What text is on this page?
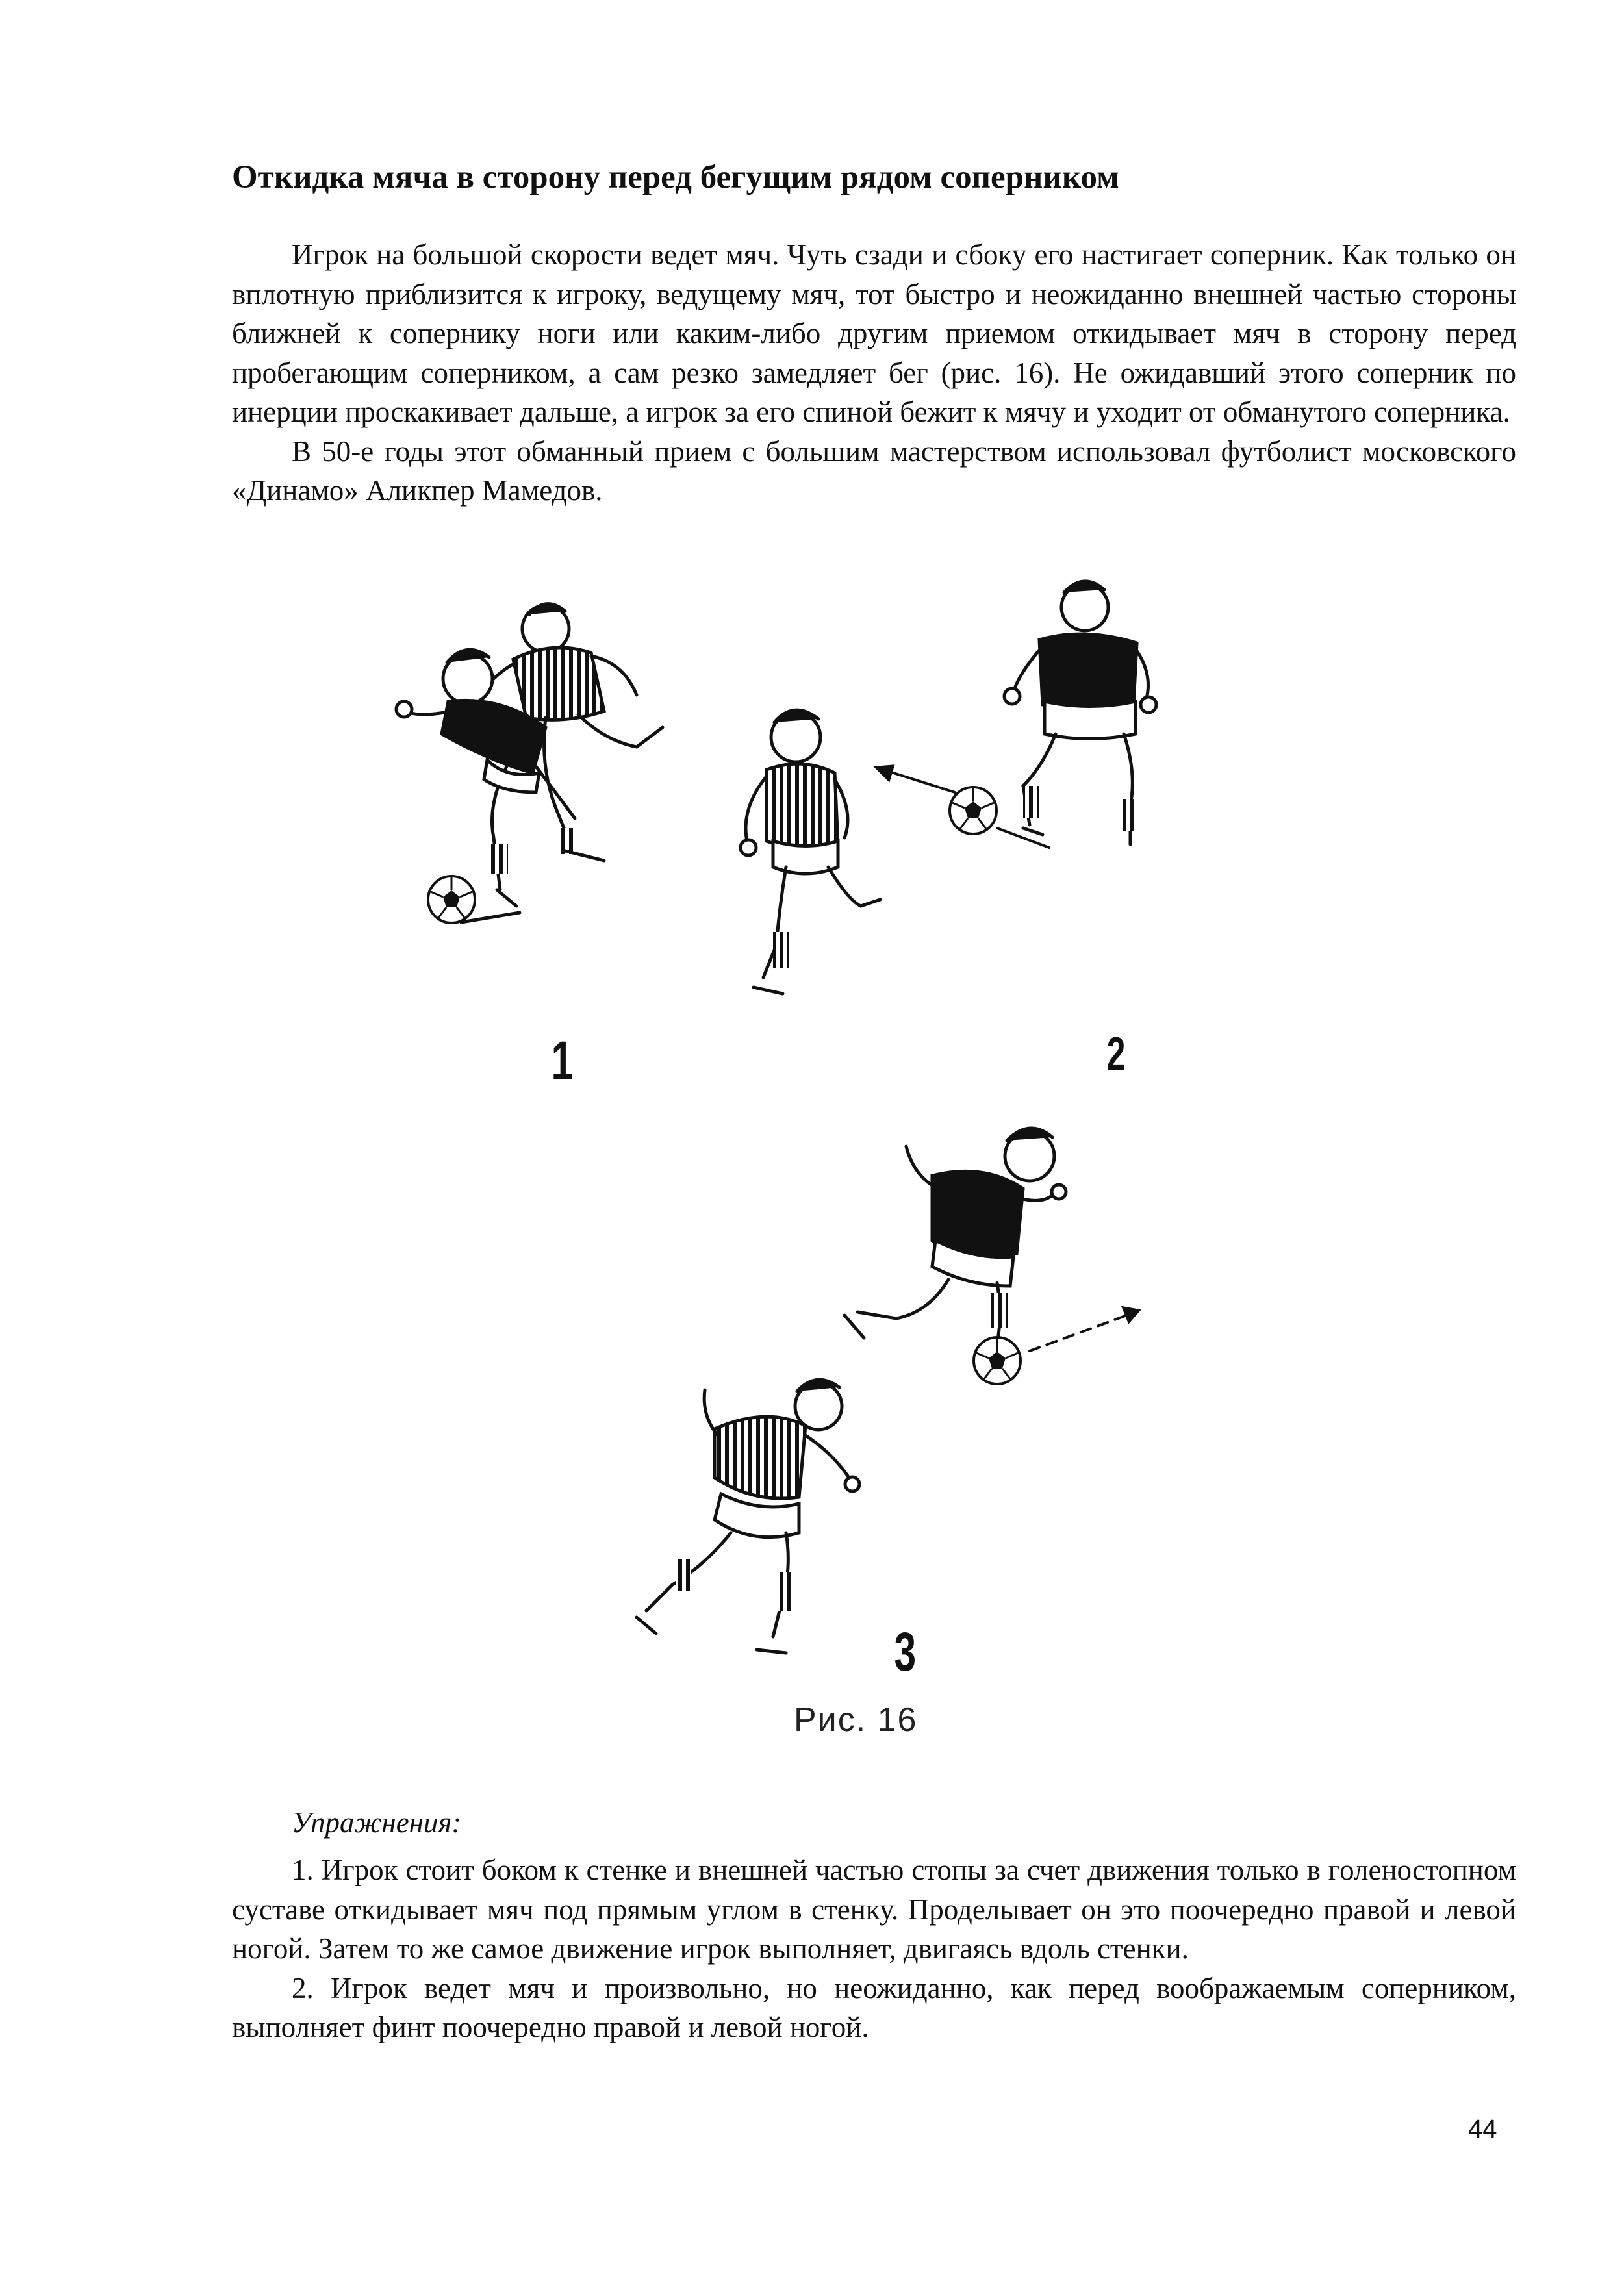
Откидка мяча в сторону перед бегущим рядом соперником

Игрок на большой скорости ведет мяч. Чуть сзади и сбоку его настигает соперник. Как только он вплотную приблизится к игроку, ведущему мяч, тот быстро и неожиданно внешней частью стороны ближней к сопернику ноги или каким-либо другим приемом откидывает мяч в сторону перед пробегающим соперником, а сам резко замедляет бег (рис. 16). Не ожидавший этого соперник по инерции проскакивает дальше, а игрок за его спиной бежит к мячу и уходит от обманутого соперника.

В 50-е годы этот обманный прием с большим мастерством использовал футболист московского «Динамо» Аликпер Мамедов.

1	2
3
Рис. 16
Упражнения:

1. Игрок стоит боком к стенке и внешней частью стопы за счет движения только в голеностопном суставе откидывает мяч под прямым углом в стенку. Проделывает он это поочередно правой и левой ногой. Затем то же самое движение игрок выполняет, двигаясь вдоль стенки.

2. Игрок ведет мяч и произвольно, но неожиданно, как перед воображаемым соперником, выполняет финт поочередно правой и левой ногой.

44
